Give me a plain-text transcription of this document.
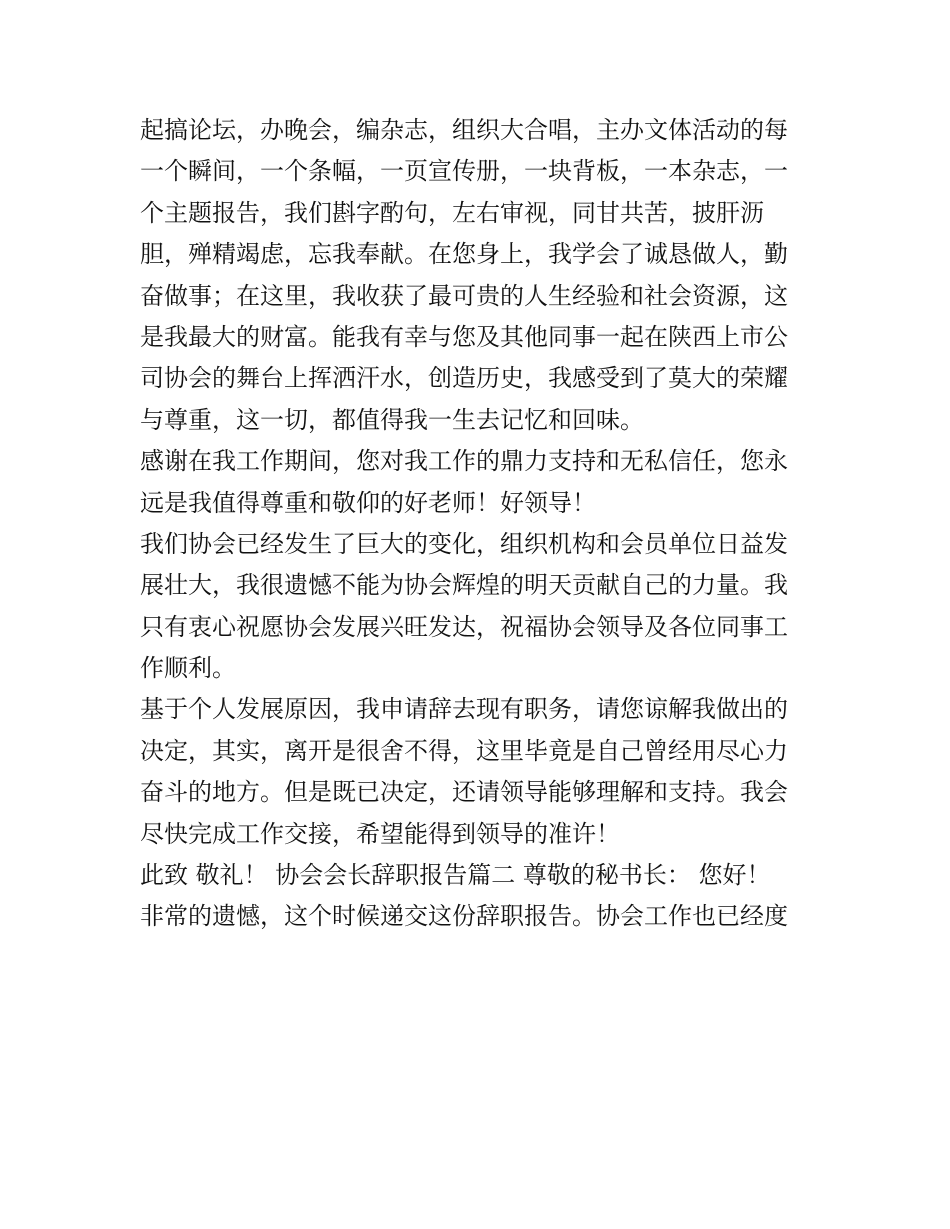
起搞论坛，办晚会，编杂志，组织大合唱，主办文体活动的每
一个瞬间，一个条幅，一页宣传册，一块背板，一本杂志，一
个主题报告，我们斟字酌句，左右审视，同甘共苦，披肝沥
胆，殚精竭虑，忘我奉献。在您身上，我学会了诚恳做人，勤
奋做事；在这里，我收获了最可贵的人生经验和社会资源，这
是我最大的财富。能我有幸与您及其他同事一起在陕西上市公
司协会的舞台上挥洒汗水，创造历史，我感受到了莫大的荣耀
与尊重，这一切，都值得我一生去记忆和回味。
感谢在我工作期间，您对我工作的鼎力支持和无私信任，您永
远是我值得尊重和敬仰的好老师！好领导！
我们协会已经发生了巨大的变化，组织机构和会员单位日益发
展壮大，我很遗憾不能为协会辉煌的明天贡献自己的力量。我
只有衷心祝愿协会发展兴旺发达，祝福协会领导及各位同事工
作顺利。
基于个人发展原因，我申请辞去现有职务，请您谅解我做出的
决定，其实，离开是很舍不得，这里毕竟是自己曾经用尽心力
奋斗的地方。但是既已决定，还请领导能够理解和支持。我会
尽快完成工作交接，希望能得到领导的准许！
此致 敬礼！ 协会会长辞职报告篇二 尊敬的秘书长： 您好！
非常的遗憾，这个时候递交这份辞职报告。协会工作也已经度
